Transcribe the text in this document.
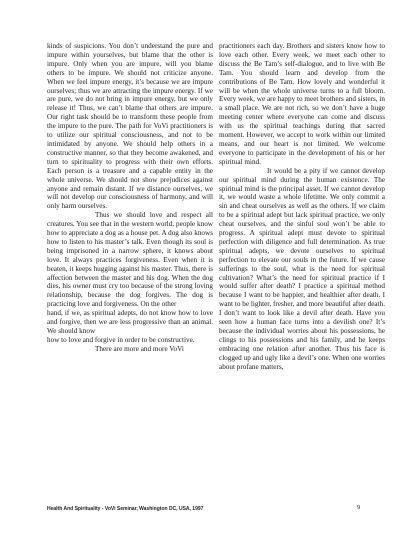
kinds of suspicions. You don’t understand the pure and impure within yourselves, but blame that the other is impure. Only when you are impure, will you blame others to be impure. We should not criticize anyone. When we feel impure energy, it’s because we are impure ourselves; thus we are attracting the impure energy. If we are pure, we do not bring in impure energy, but we only release it! Thus, we can’t blame that others are impure. Our right task should be to transform these people from the impure to the pure. The path for VoVi practitioners is to utilize our spiritual consciousness, and not to be intimidated by anyone. We should help others in a constructive manner, so that they become awakened, and turn to spirituality to progress with their own efforts. Each person is a treasure and a capable entity in the whole universe. We should not show prejudices against anyone and remain distant. If we distance ourselves, we will not develop our consciousness of harmony, and will only harm ourselves.

Thus we should love and respect all creatures. You see that in the western world, people know how to appreciate a dog as a house pet. A dog also knows how to listen to his master’s talk. Even though its soul is being imprisoned in a narrow sphere, it knows about love. It always practices forgiveness. Even when it is beaten, it keeps hugging against his master. Thus, there is affection between the master and his dog. When the dog dies, his owner must cry too because of the strong loving relationship, because the dog forgives. The dog is practicing love and forgiveness. On the other

hand, if we, as spiritual adepts, do not know how to love and forgive, then we are less progressive than an animal. We should know

how to love and forgive in order to be constructive.

There are more and more VoVi

practitioners each day. Brothers and sisters know how to love each other. Every week, we meet each other to discuss the Be Tam’s self-dialogue, and to live with Be Tam. You should learn and develop from the contributions of Be Tam. How lovely and wonderful it will be when the whole universe turns to a full bloom. Every week, we are happy to meet brothers and sisters, in a small place. We are not rich, so we don’t have a huge meeting center where everyone can come and discuss with us the spiritual teachings during that sacred moment. However, we accept to work within our limited means, and our heart is not limited. We welcome everyone to participate in the development of his or her spiritual mind.

It would be a pity if we cannot develop our spiritual mind during the human existence. The spiritual mind is the principal asset. If we cannot develop it, we would waste a whole lifetime. We only commit a sin and cheat ourselves as well as the others. If we claim to be a spiritual adept but lack spiritual practice, we only cheat ourselves, and the sinful soul won’t be able to progress. A spiritual adept must devote to spiritual perfection with diligence and full determination. As true spiritual adepts, we devote ourselves to spiritual perfection to elevate our souls in the future. If we cause sufferings to the soul, what is the need for spiritual cultivation? What’s the need for spiritual practice if I would suffer after death? I practice a spiritual method because I want to be happier, and healthier after death. I want to be lighter, fresher, and more beautiful after death. I don’t want to look like a devil after death. Have you seen how a human face turns into a devilish one? It’s because the individual worries about his possessions, he clings to his possessions and his family, and he keeps embracing one relation after another. Thus his face is clogged up and ugly like a devil’s one. When one worries about profane matters,

Health And Spirituality - VoVi Seminar, Washington DC, USA, 1997	9
